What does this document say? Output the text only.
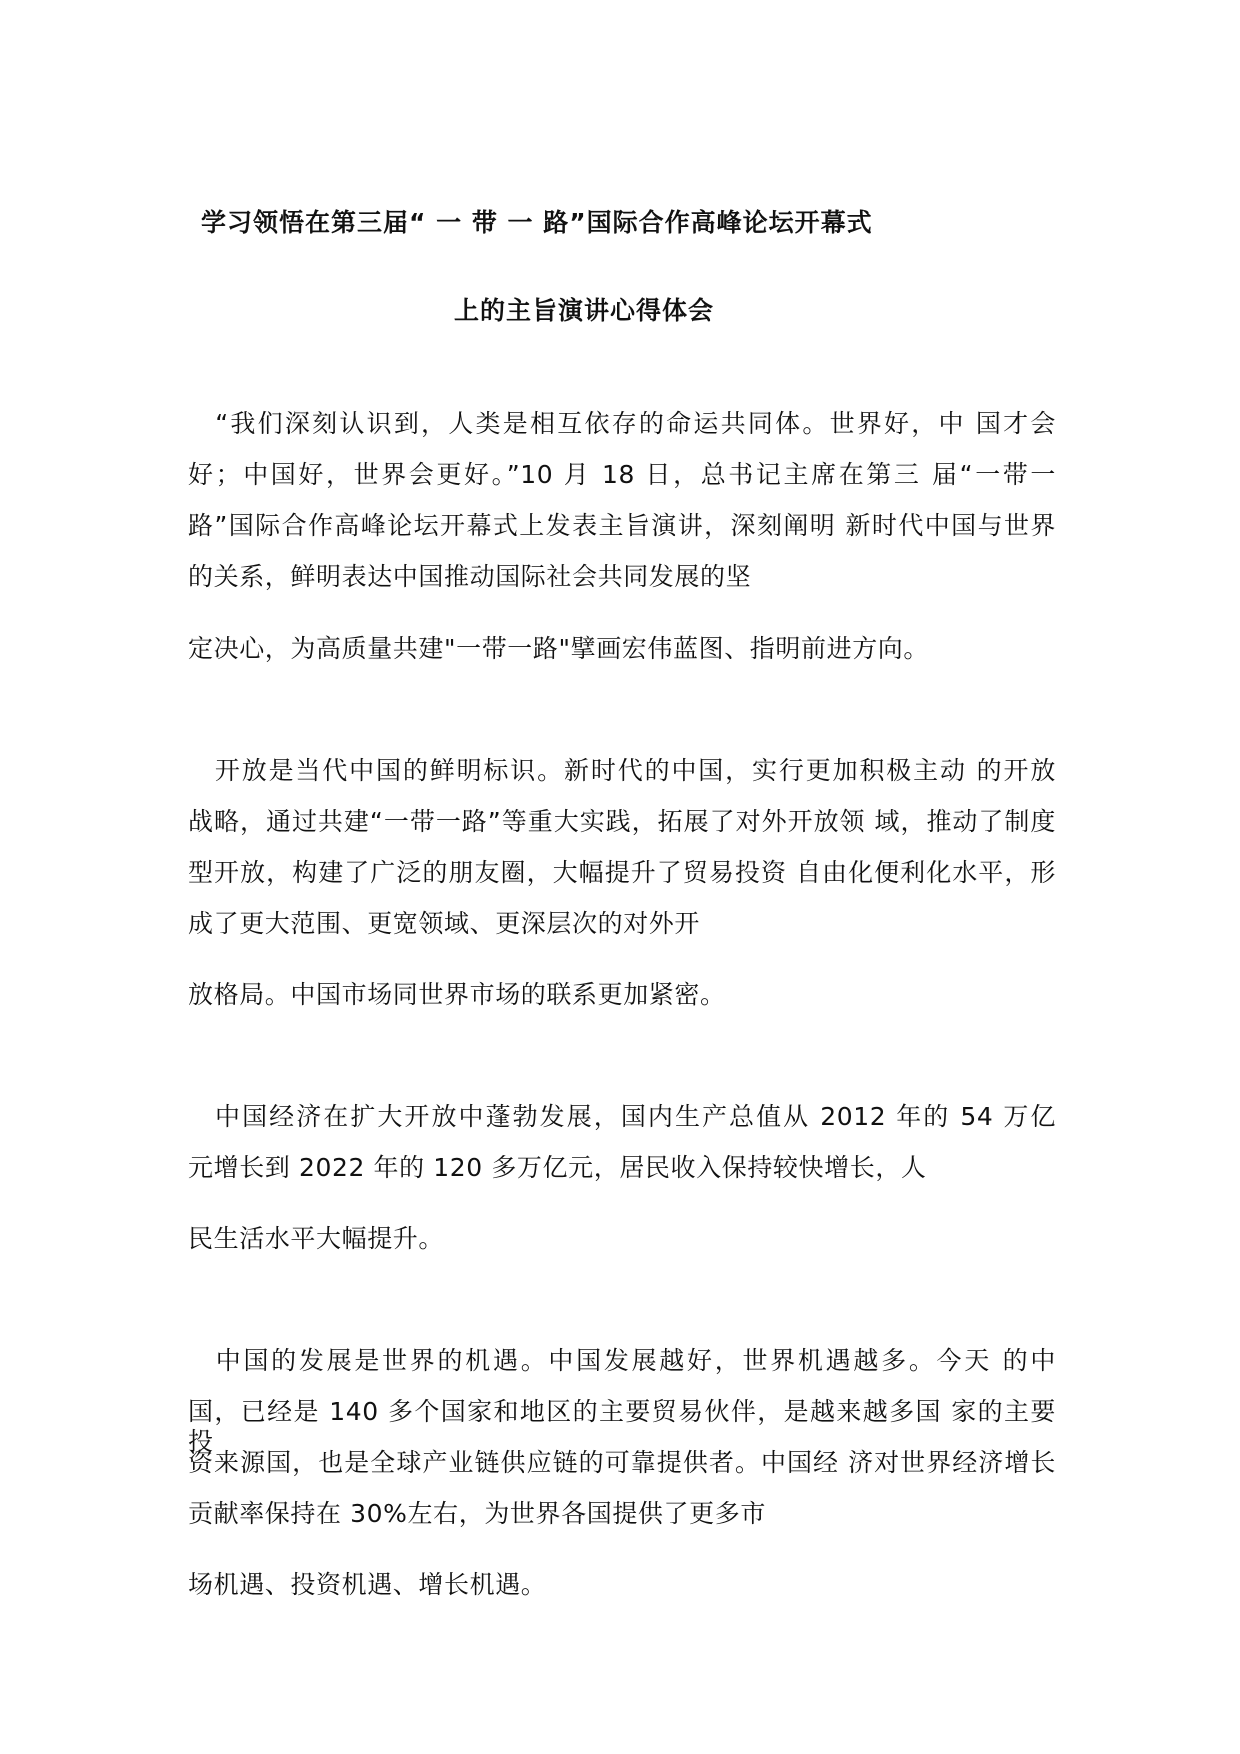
学习领悟在第三届“ 一 带 一 路”国际合作高峰论坛开幕式
上的主旨演讲心得体会
　“我们深刻认识到，人类是相互依存的命运共同体。世界好，中 国才会
好；中国好，世界会更好。”10 月 18 日，总书记主席在第三 届“一带一
路”国际合作高峰论坛开幕式上发表主旨演讲，深刻阐明 新时代中国与世界
的关系，鲜明表达中国推动国际社会共同发展的坚
定决心，为高质量共建"一带一路"擘画宏伟蓝图、指明前进方向。
　开放是当代中国的鲜明标识。新时代的中国，实行更加积极主动 的开放
战略，通过共建“一带一路”等重大实践，拓展了对外开放领 域，推动了制度
型开放，构建了广泛的朋友圈，大幅提升了贸易投资 自由化便利化水平，形
成了更大范围、更宽领域、更深层次的对外开
放格局。中国市场同世界市场的联系更加紧密。
　中国经济在扩大开放中蓬勃发展，国内生产总值从 2012 年的 54 万亿
元增长到 2022 年的 120 多万亿元，居民收入保持较快增长，人
民生活水平大幅提升。
　中国的发展是世界的机遇。中国发展越好，世界机遇越多。今天 的中
国，已经是 140 多个国家和地区的主要贸易伙伴，是越来越多国 家的主要投
资来源国，也是全球产业链供应链的可靠提供者。中国经 济对世界经济增长
贡献率保持在 30%左右，为世界各国提供了更多市
场机遇、投资机遇、增长机遇。
